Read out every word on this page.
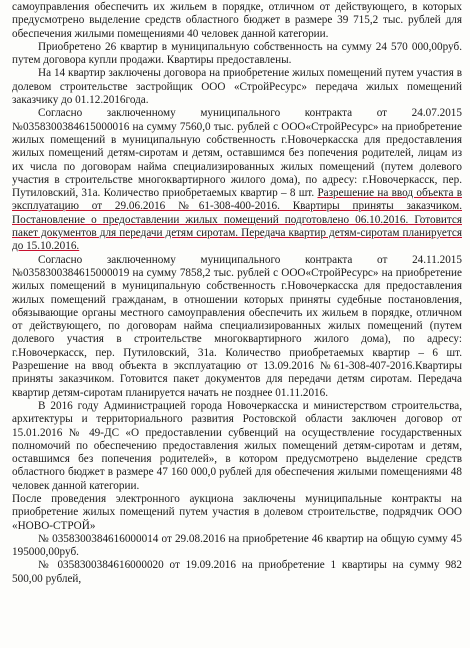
самоуправления обеспечить их жильем в порядке, отличном от действующего, в которых предусмотрено выделение средств областного бюджет в размере 39 715,2 тыс. рублей для обеспечения жилыми помещениями 40 человек данной категории.

Приобретено 26 квартир в муниципальную собственность на сумму 24 570 000,00руб. путем договора купли продажи. Квартиры предоставлены.

На 14 квартир заключены договора на приобретение жилых помещений путем участия в долевом строительстве застройщик ООО «СтройРесурс» передача жилых помещений заказчику до 01.12.2016года.

Согласно заключенному муниципального контракта от 24.07.2015 №0358300384615000016 на сумму 7560,0 тыс. рублей с ООО«СтройРесурс» на приобретение жилых помещений в муниципальную собственность г.Новочеркасска для предоставления жилых помещений детям-сиротам и детям, оставшимся без попечения родителей, лицам из их числа по договорам найма специализированных жилых помещений (путем долевого участия в строительстве многоквартирного жилого дома), по адресу: г.Новочеркасск, пер. Путиловский, 31а. Количество приобретаемых квартир – 8 шт. Разрешение на ввод объекта в эксплуатацию от 29.06.2016 №61-308-400-2016. Квартиры приняты заказчиком. Постановление о предоставлении жилых помещений подготовлено 06.10.2016. Готовится пакет документов для передачи детям сиротам. Передача квартир детям-сиротам планируется до 15.10.2016.

Согласно заключенному муниципального контракта от 24.11.2015 №0358300384615000019 на сумму 7858,2 тыс. рублей с ООО«СтройРесурс» на приобретение жилых помещений в муниципальную собственность г.Новочеркасска для предоставления жилых помещений гражданам, в отношении которых приняты судебные постановления, обязывающие органы местного самоуправления обеспечить их жильем в порядке, отличном от действующего, по договорам найма специализированных жилых помещений (путем долевого участия в строительстве многоквартирного жилого дома), по адресу: г.Новочеркасск, пер. Путиловский, 31а. Количество приобретаемых квартир – 6 шт. Разрешение на ввод объекта в эксплуатацию от 13.09.2016 №61-308-407-2016.Квартиры приняты заказчиком. Готовится пакет документов для передачи детям сиротам. Передача квартир детям-сиротам планируется начать не позднее 01.11.2016.

В 2016 году Администрацией города Новочеркасска и министерством строительства, архитектуры и территориального развития Ростовской области заключен договор от 15.01.2016 № 49-ДС «О предоставлении субвенций на осуществление государственных полномочий по обеспечению предоставления жилых помещений детям-сиротам и детям, оставшимся без попечения родителей», в котором предусмотрено выделение средств областного бюджет в размере 47 160 000,0 рублей для обеспечения жилыми помещениями 48 человек данной категории.

После проведения электронного аукциона заключены муниципальные контракты на приобретение жилых помещений путем участия в долевом строительстве, подрядчик ООО «НОВО-СТРОЙ»

№ 0358300384616000014 от 29.08.2016 на приобретение 46 квартир на общую сумму 45 195000,00руб.

№ 0358300384616000020 от 19.09.2016 на приобретение 1 квартиры на сумму 982 500,00 рублей,
